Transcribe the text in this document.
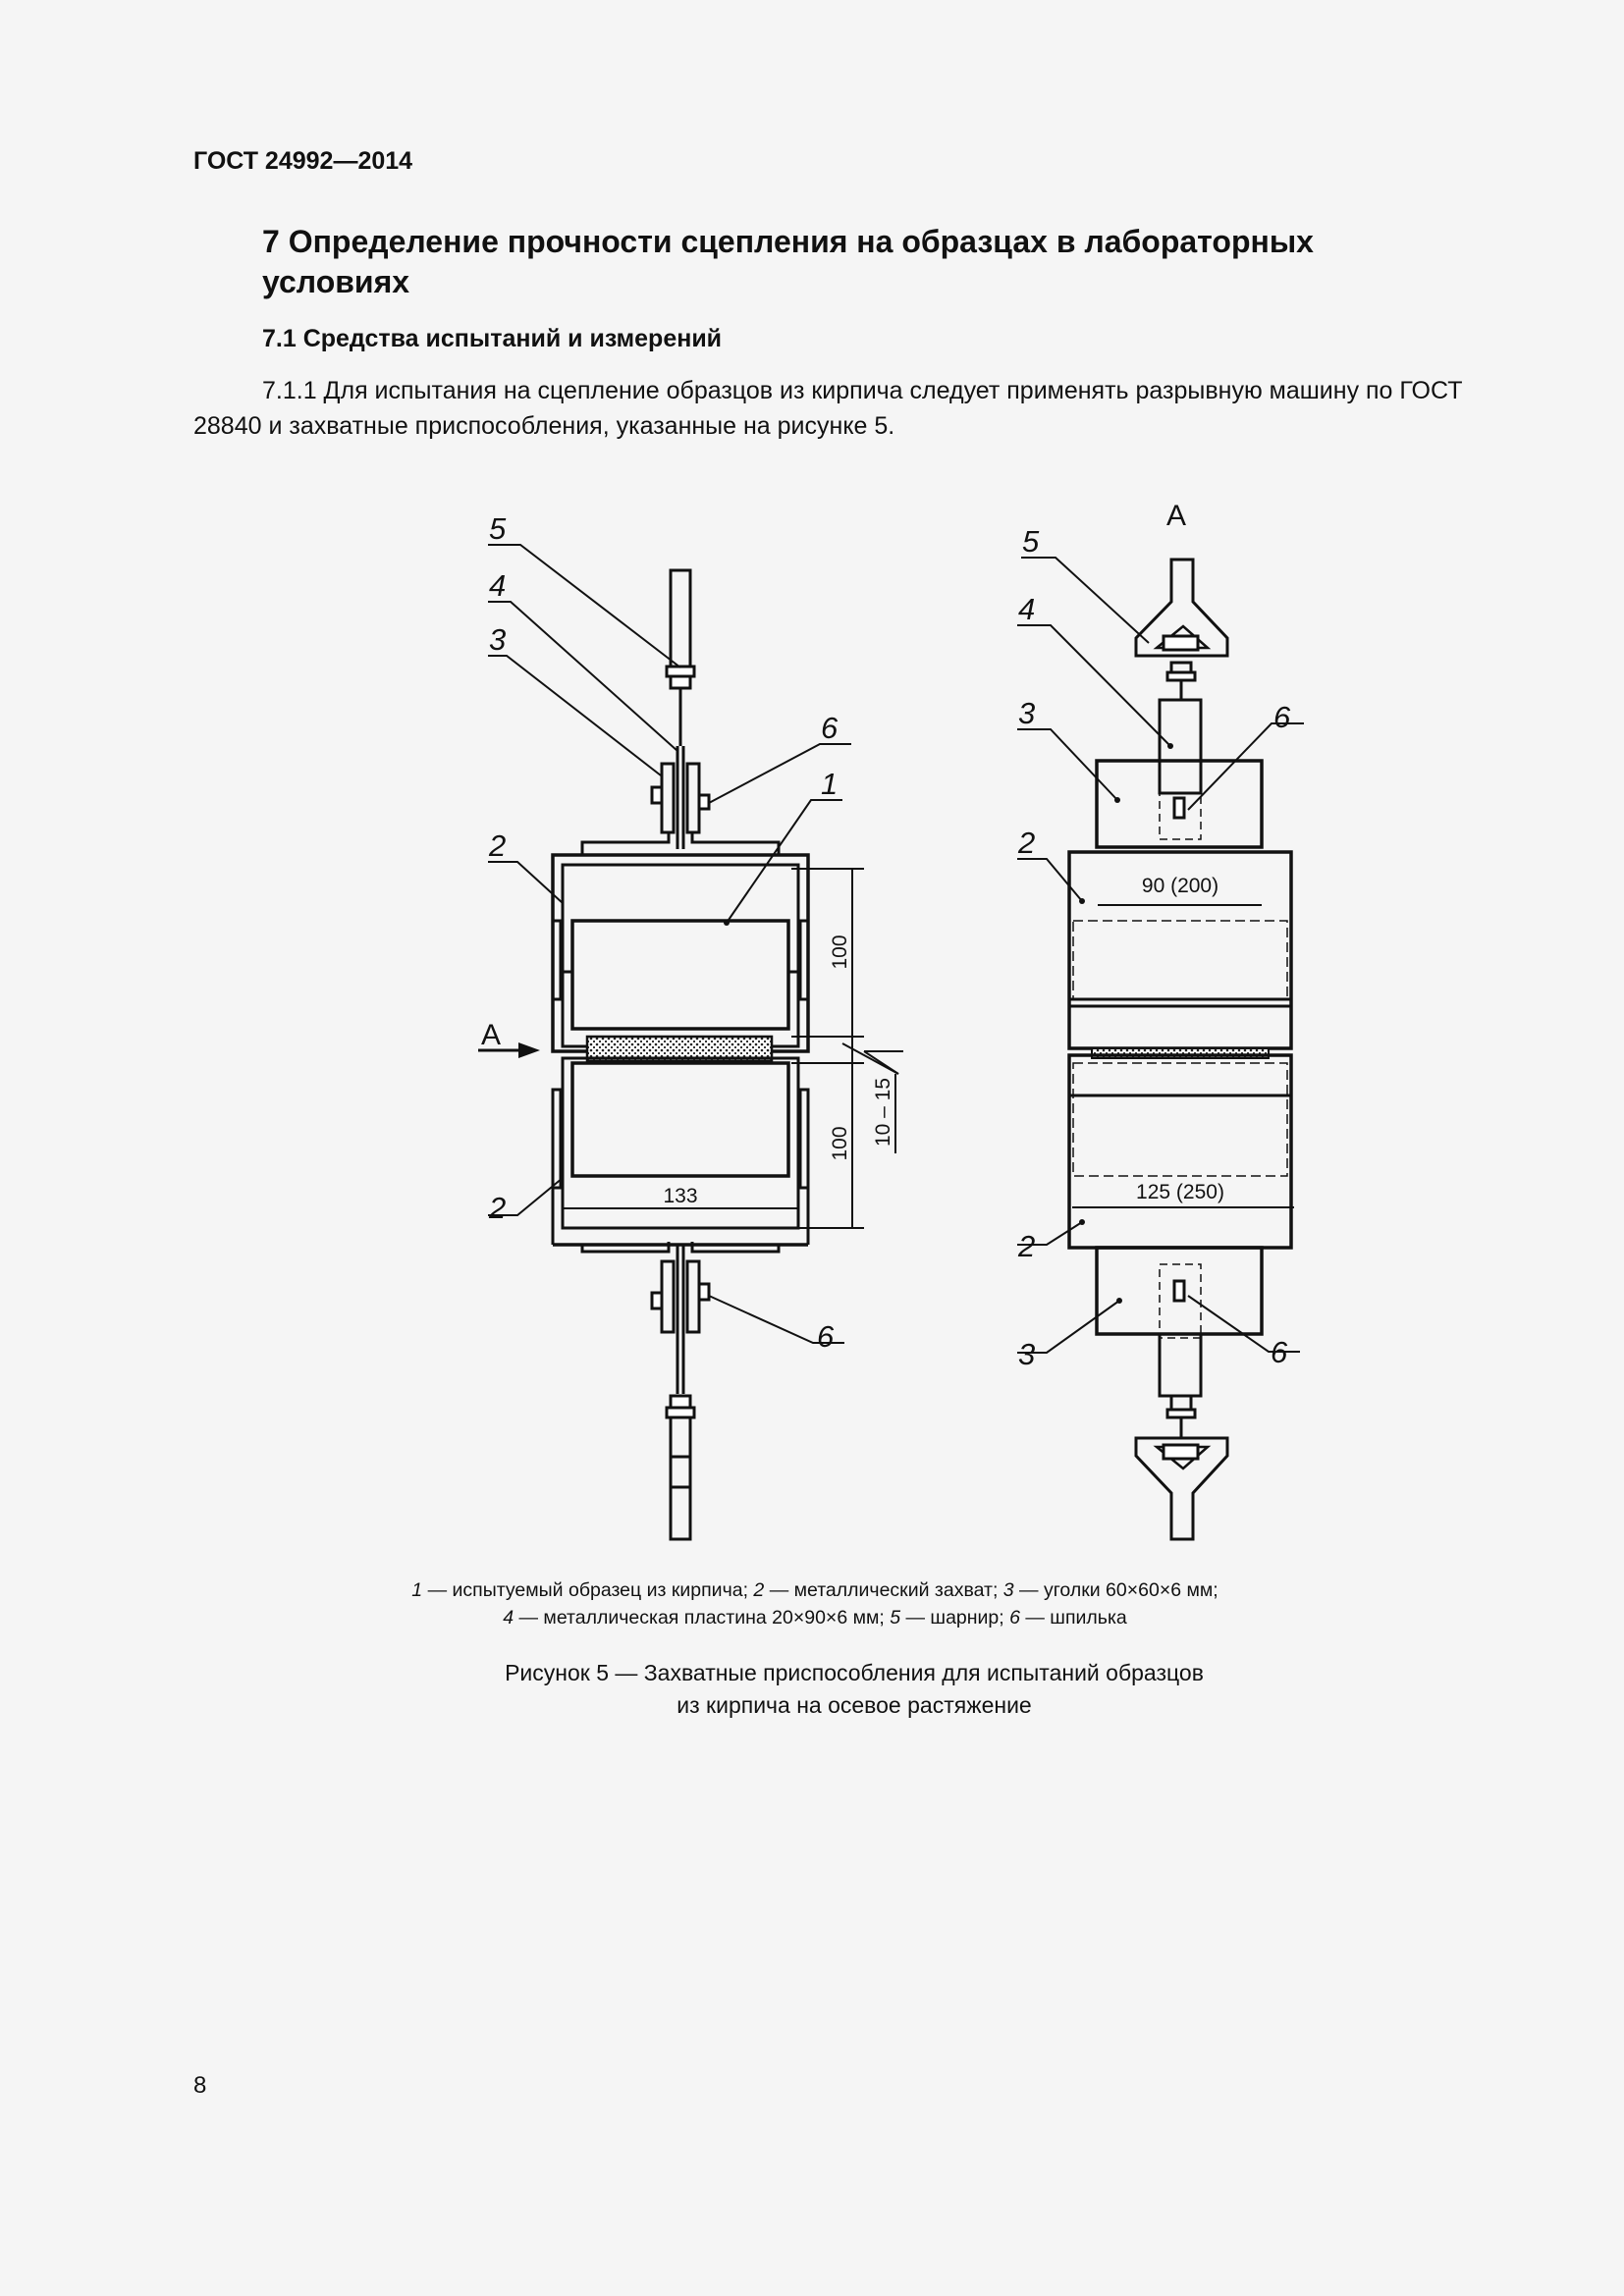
ГОСТ 24992—2014
7 Определение прочности сцепления на образцах в лабораторных условиях
7.1 Средства испытаний и измерений
7.1.1 Для испытания на сцепление образцов из кирпича следует применять разрывную машину по ГОСТ 28840 и захватные приспособления, указанные на рисунке 5.
100
100 10 – 15
133
А
5
4
3
6
1
2
2
6
А
90 (200)
125 (250)
5
4
3	6
2
2
3	6
1 — испытуемый образец из кирпича; 2 — металлический захват; 3 — уголки 60×60×6 мм;
4 — металлическая пластина 20×90×6 мм; 5 — шарнир; 6 — шпилька
Рисунок 5 — Захватные приспособления для испытаний образцов
из кирпича на осевое растяжение
8
